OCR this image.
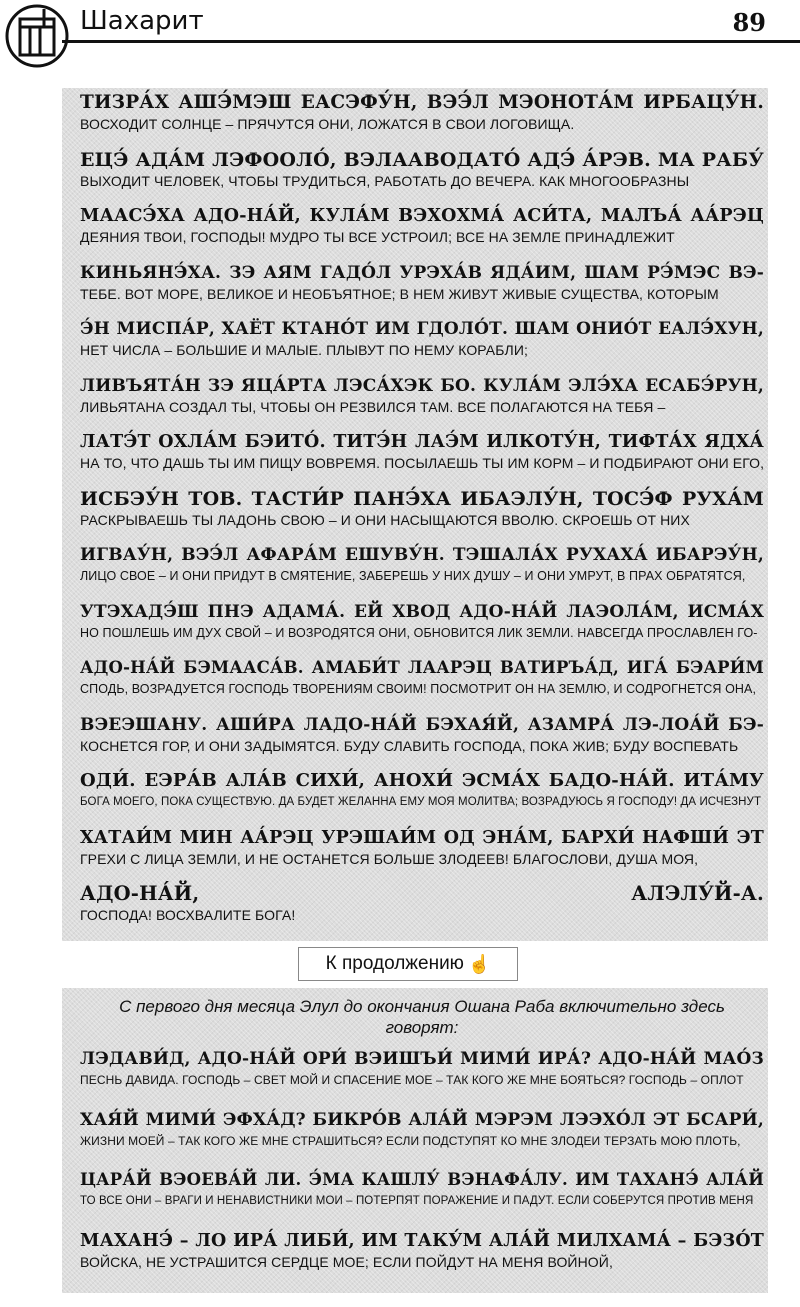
Шахарит	89
ТИЗРА́Х АШЭ́МЭШ ЕАСЭФУ́Н, ВЭЭ́Л МЭОНОТА́М ИРБАЦУ́Н.
ВОСХОДИТ СОЛНЦЕ – ПРЯЧУТСЯ ОНИ, ЛОЖАТСЯ В СВОИ ЛОГОВИЩА.
ЕЦЭ́ АДА́М ЛЭФООЛО́, ВЭЛААВОДАТО́ АДЭ́ А́РЭВ. МА РАБУ́
ВЫХОДИТ ЧЕЛОВЕК, ЧТОБЫ ТРУДИТЬСЯ, РАБОТАТЬ ДО ВЕЧЕРА. КАК МНОГООБРАЗНЫ
МААСЭ́ХА АДО-НА́Й, КУЛА́М ВЭХОХМА́ АСИ́ТА, МАЛЪА́ АА́РЭЦ
ДЕЯНИЯ ТВОИ, ГОСПОДЫ! МУДРО ТЫ ВСЕ УСТРОИЛ; ВСЕ НА ЗЕМЛЕ ПРИНАДЛЕЖИТ
КИНЬЯНЭ́ХА. ЗЭ АЯМ ГАДО́Л УРЭХА́В ЯДА́ИМ, ШАМ РЭ́МЭС ВЭ-
ТЕБЕ. ВОТ МОРЕ, ВЕЛИКОЕ И НЕОБЪЯТНОЕ; В НЕМ ЖИВУТ ЖИВЫЕ СУЩЕСТВА, КОТОРЫМ
Э́Н МИСПА́Р, ХАЁТ КТАНО́Т ИМ ГДОЛО́Т. ШАМ ОНИО́Т ЕАЛЭ́ХУН,
НЕТ ЧИСЛА – БОЛЬШИЕ И МАЛЫЕ. ПЛЫВУТ ПО НЕМУ КОРАБЛИ;
ЛИВЪЯТА́Н ЗЭ ЯЦА́РТА ЛЭСА́ХЭК БО. КУЛА́М ЭЛЭ́ХА ЕСАБЭ́РУН,
ЛИВЬЯТАНА СОЗДАЛ ТЫ, ЧТОБЫ ОН РЕЗВИЛСЯ ТАМ. ВСЕ ПОЛАГАЮТСЯ НА ТЕБЯ –
ЛАТЭ́Т ОХЛА́М БЭИТО́. ТИТЭ́Н ЛАЭ́М ИЛКОТУ́Н, ТИФТА́Х ЯДХА́
НА ТО, ЧТО ДАШЬ ТЫ ИМ ПИЩУ ВОВРЕМЯ. ПОСЫЛАЕШЬ ТЫ ИМ КОРМ – И ПОДБИРАЮТ ОНИ ЕГО,
ИСБЭУ́Н ТОВ. ТАСТИ́Р ПАНЭ́ХА ИБАЭЛУ́Н, ТОСЭ́Ф РУХА́М
РАСКРЫВАЕШЬ ТЫ ЛАДОНЬ СВОЮ – И ОНИ НАСЫЩАЮТСЯ ВВОЛЮ. СКРОЕШЬ ОТ НИХ
ИГВАУ́Н, ВЭЭ́Л АФАРА́М ЕШУВУ́Н. ТЭШАЛА́Х РУХАХА́ ИБАРЭУ́Н,
ЛИЦО СВОЕ – И ОНИ ПРИДУТ В СМЯТЕНИЕ, ЗАБЕРЕШЬ У НИХ ДУШУ – И ОНИ УМРУТ, В ПРАХ ОБРАТЯТСЯ,
УТЭХАДЭ́Ш ПНЭ АДАМА́. ЕЙ ХВОД АДО-НА́Й ЛАЭОЛА́М, ИСМА́Х
НО ПОШЛЕШЬ ИМ ДУХ СВОЙ – И ВОЗРОДЯТСЯ ОНИ, ОБНОВИТСЯ ЛИК ЗЕМЛИ. НАВСЕГДА ПРОСЛАВЛЕН ГО-
АДО-НА́Й БЭМААСА́В. АМАБИ́Т ЛААРЭЦ ВАТИРЪА́Д, ИГА́ БЭАРИ́М
СПОДЬ, ВОЗРАДУЕТСЯ ГОСПОДЬ ТВОРЕНИЯМ СВОИМ! ПОСМОТРИТ ОН НА ЗЕМЛЮ, И СОДРОГНЕТСЯ ОНА,
ВЭЕЭШАНУ. АШИ́РА ЛАДО-НА́Й БЭХАЯ́Й, АЗАМРА́ ЛЭ-ЛОА́Й БЭ-
КОСНЕТСЯ ГОР, И ОНИ ЗАДЫМЯТСЯ. БУДУ СЛАВИТЬ ГОСПОДА, ПОКА ЖИВ; БУДУ ВОСПЕВАТЬ
ОДИ́. ЕЭРА́В АЛА́В СИХИ́, АНОХИ́ ЭСМА́Х БАДО-НА́Й. ИТА́МУ
БОГА МОЕГО, ПОКА СУЩЕСТВУЮ. ДА БУДЕТ ЖЕЛАННА ЕМУ МОЯ МОЛИТВА; ВОЗРАДУЮСЬ Я ГОСПОДУ! ДА ИСЧЕЗНУТ
ХАТАИ́М МИН АА́РЭЦ УРЭШАИ́М ОД ЭНА́М, БАРХИ́ НАФШИ́ ЭТ
ГРЕХИ С ЛИЦА ЗЕМЛИ, И НЕ ОСТАНЕТСЯ БОЛЬШЕ ЗЛОДЕЕВ! БЛАГОСЛОВИ, ДУША МОЯ,
АДО-НА́Й, АЛЭЛУ́Й-А.
ГОСПОДА! ВОСХВАЛИТЕ БОГА!
К продолжению ☝
С первого дня месяца Элул до окончания Ошана Раба включительно здесь говорят:
ЛЭДАВИ́Д, АДО-НА́Й ОРИ́ ВЭИШЪИ́ МИМИ́ ИРА́? АДО-НА́Й МАО́З
ПЕСНЬ ДАВИДА. ГОСПОДЬ – СВЕТ МОЙ И СПАСЕНИЕ МОЕ – ТАК КОГО ЖЕ МНЕ БОЯТЬСЯ? ГОСПОДЬ – ОПЛОТ
ХАЯ́Й МИМИ́ ЭФХА́Д? БИКРО́В АЛА́Й МЭРЭМ ЛЭЭХО́Л ЭТ БСАРИ́,
ЖИЗНИ МОЕЙ – ТАК КОГО ЖЕ МНЕ СТРАШИТЬСЯ? ЕСЛИ ПОДСТУПЯТ КО МНЕ ЗЛОДЕИ ТЕРЗАТЬ МОЮ ПЛОТЬ,
ЦАРА́Й ВЭОЕВА́Й ЛИ. Э́МА КАШЛУ́ ВЭНАФА́ЛУ. ИМ ТАХАНЭ́ АЛА́Й
ТО ВСЕ ОНИ – ВРАГИ И НЕНАВИСТНИКИ МОИ – ПОТЕРПЯТ ПОРАЖЕНИЕ И ПАДУТ. ЕСЛИ СОБЕРУТСЯ ПРОТИВ МЕНЯ
МАХАНЭ́ – ЛО ИРА́ ЛИБИ́, ИМ ТАКУ́М АЛА́Й МИЛХАМА́ – БЭЗО́Т
ВОЙСКА, НЕ УСТРАШИТСЯ СЕРДЦЕ МОЕ; ЕСЛИ ПОЙДУТ НА МЕНЯ ВОЙНОЙ,
